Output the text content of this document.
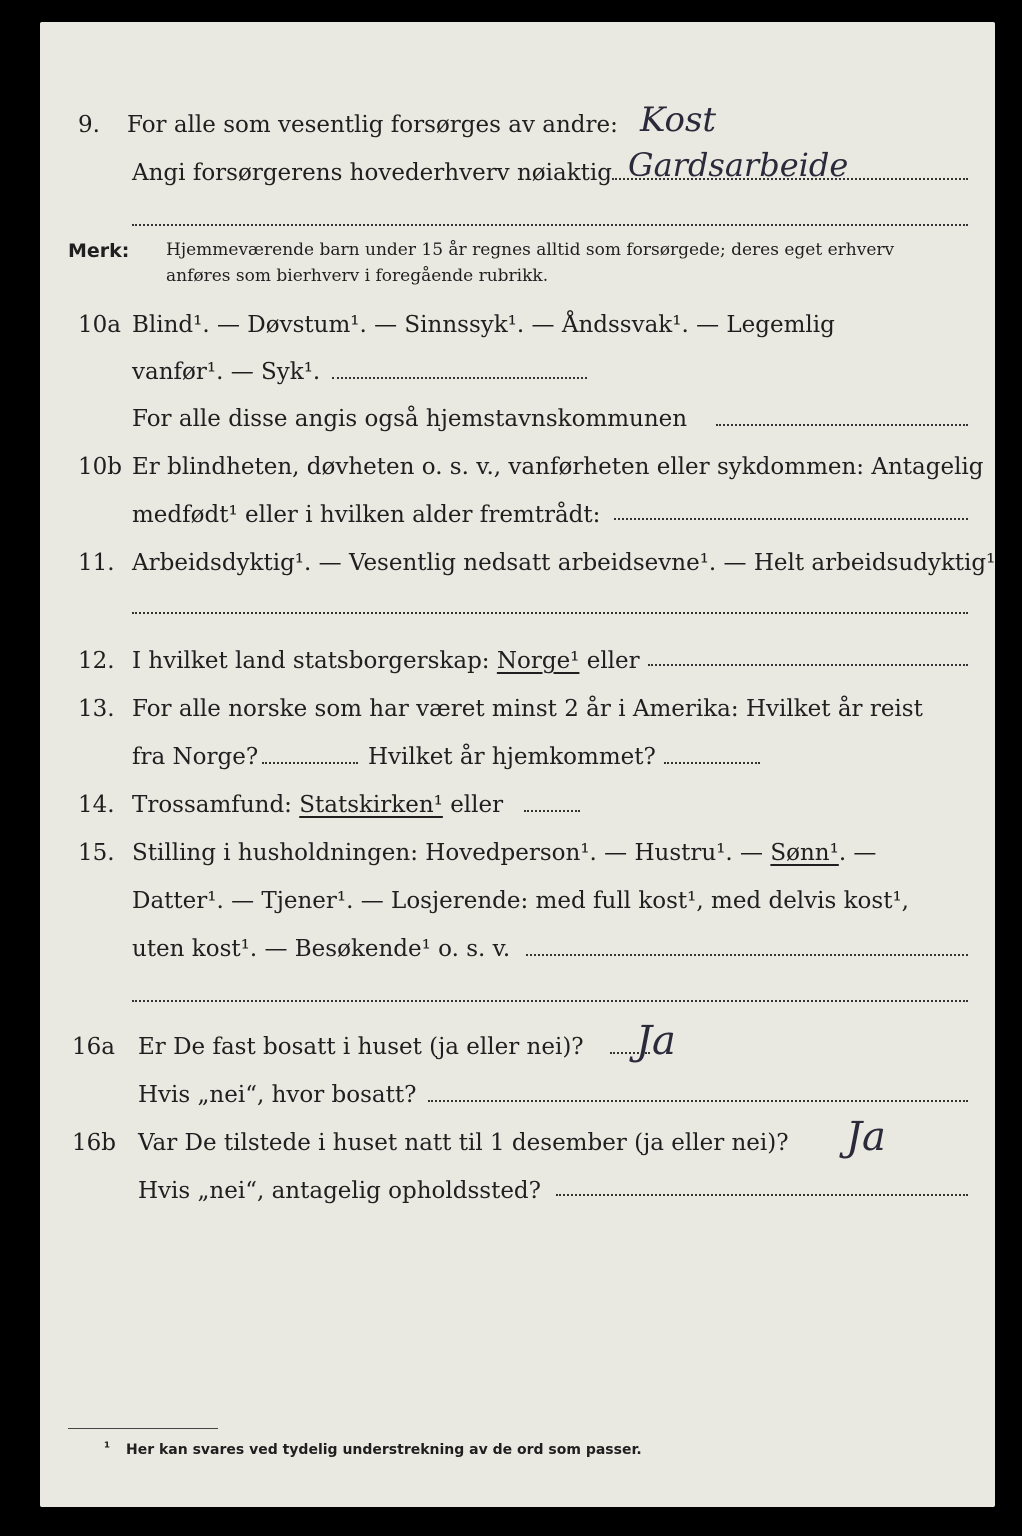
9. For alle som vesentlig forsørges av andre: Kost
Angi forsørgerens hovederhverv nøiaktig Gardsarbeide
Merk: Hjemmeværende barn under 15 år regnes alltid som forsørgede; deres eget erhverv
anføres som bierhverv i foregående rubrikk.
10a Blind¹. — Døvstum¹. — Sinnssyk¹. — Åndssvak¹. — Legemlig
vanfør¹. — Syk¹.
For alle disse angis også hjemstavnskommunen
10b Er blindheten, døvheten o. s. v., vanførheten eller sykdommen: Antagelig
medfødt¹ eller i hvilken alder fremtrådt:
11. Arbeidsdyktig¹. — Vesentlig nedsatt arbeidsevne¹. — Helt arbeidsudyktig¹
12. I hvilket land statsborgerskap: Norge¹ eller
13. For alle norske som har været minst 2 år i Amerika: Hvilket år reist
fra Norge?	Hvilket år hjemkommet?
14. Trossamfund: Statskirken¹ eller
15. Stilling i husholdningen: Hovedperson¹. — Hustru¹. — Sønn¹. —
Datter¹. — Tjener¹. — Losjerende: med full kost¹, med delvis kost¹,
uten kost¹. — Besøkende¹ o. s. v.
16a Er De fast bosatt i huset (ja eller nei)? Ja
Hvis „nei“, hvor bosatt?
16b Var De tilstede i huset natt til 1 desember (ja eller nei)? Ja
Hvis „nei“, antagelig opholdssted?
¹ Her kan svares ved tydelig understrekning av de ord som passer.
